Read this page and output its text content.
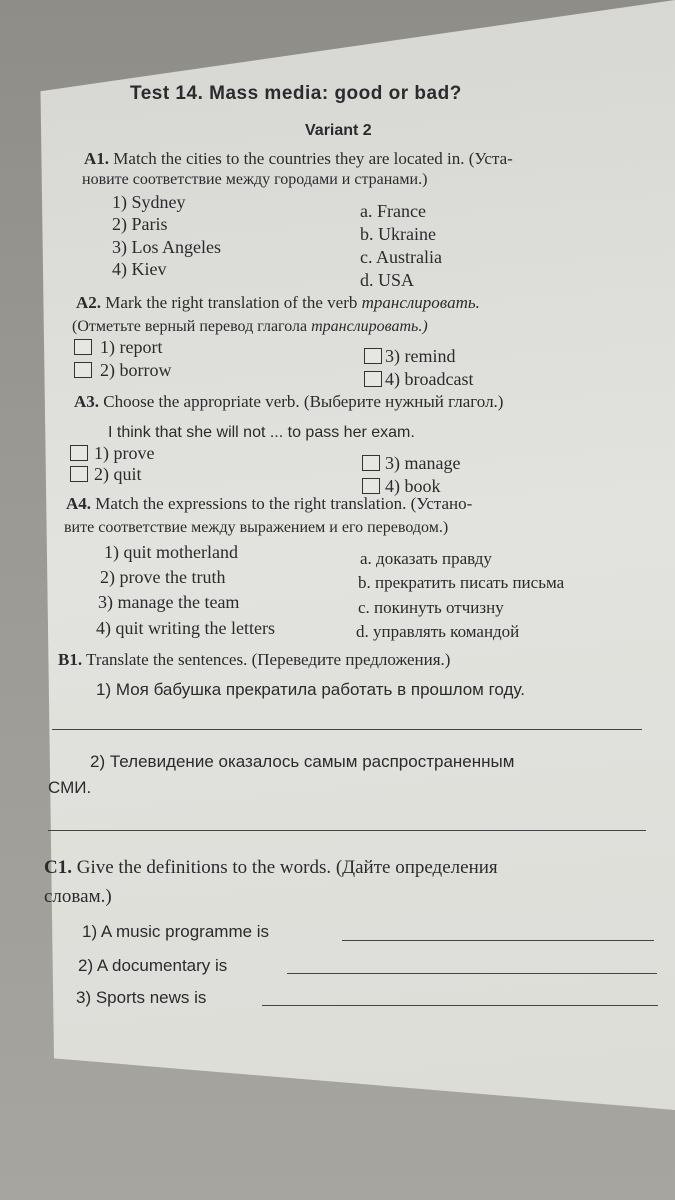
Test 14. Mass media: good or bad?
Variant 2
A1. Match the cities to the countries they are located in. (Уста-
новите соответствие между городами и странами.)
1) Sydney
2) Paris
3) Los Angeles
4) Kiev
a. France
b. Ukraine
c. Australia
d. USA
A2. Mark the right translation of the verb транслировать.
(Отметьте верный перевод глагола транслировать.)
1) report
2) borrow
3) remind
4) broadcast
A3. Choose the appropriate verb. (Выберите нужный глагол.)
I think that she will not ... to pass her exam.
1) prove
2) quit
3) manage
4) book
A4. Match the expressions to the right translation. (Устано-
вите соответствие между выражением и его переводом.)
1) quit motherland
2) prove the truth
3) manage the team
4) quit writing the letters
a. доказать правду
b. прекратить писать письма
c. покинуть отчизну
d. управлять командой
B1. Translate the sentences. (Переведите предложения.)
1) Моя бабушка прекратила работать в прошлом году.
2) Телевидение оказалось самым распространенным
СМИ.
C1. Give the definitions to the words. (Дайте определения
словам.)
1) A music programme is
2) A documentary is
3) Sports news is
